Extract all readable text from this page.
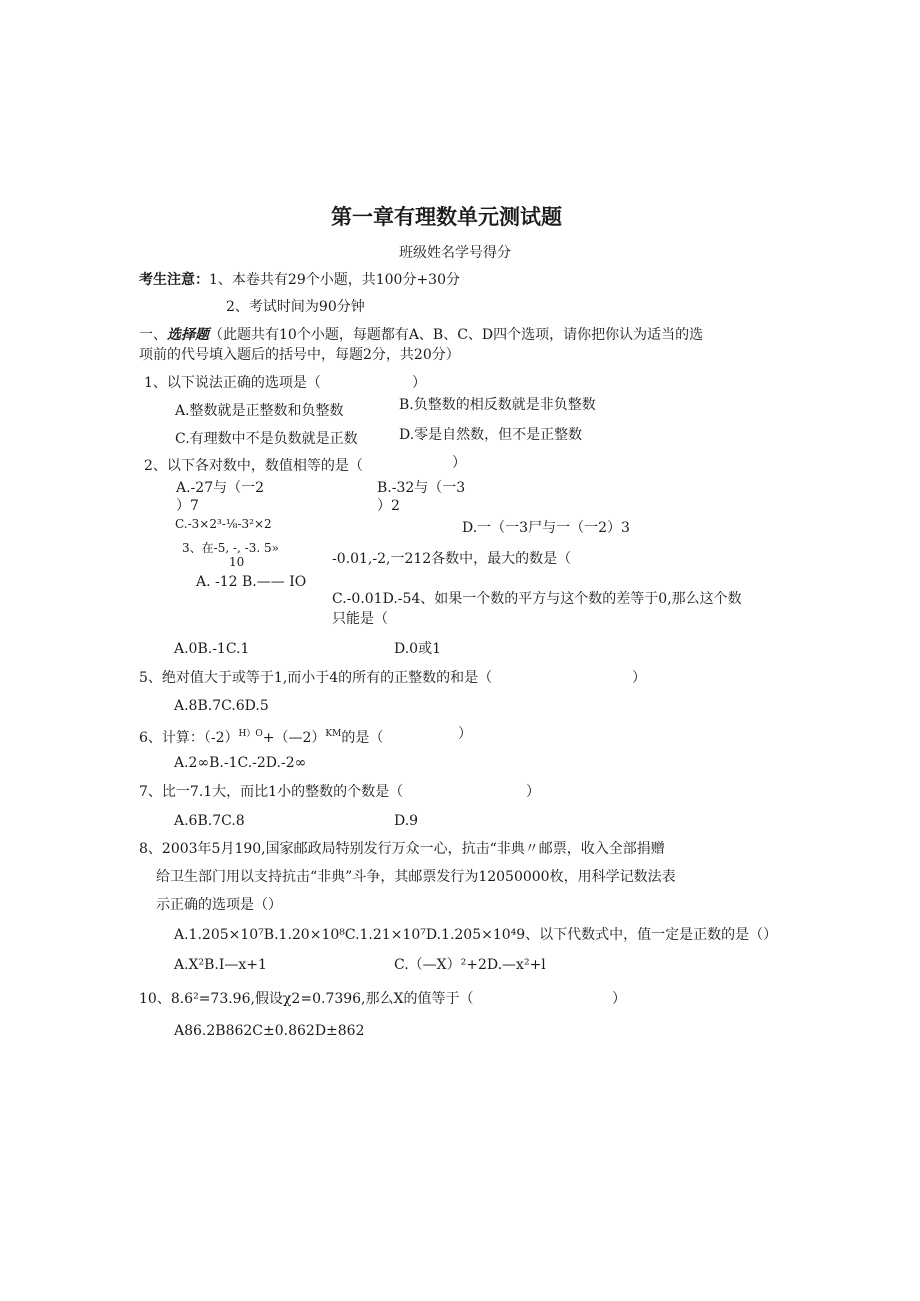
第一章有理数单元测试题
班级姓名学号得分
考生注意：1、本卷共有29个小题，共100分+30分
2、考试时间为90分钟
一、选择题（此题共有10个小题，每题都有A、B、C、D四个选项，请你把你认为适当的选
项前的代号填入题后的括号中，每题2分，共20分）
1、以下说法正确的选项是（	）
A.整数就是正整数和负整数	B.负整数的相反数就是非负整数
C.有理数中不是负数就是正数	D.零是自然数，但不是正整数
2、以下各对数中，数值相等的是（	）
A.-27与（一2
）7
B.-32与（一3
）2
C.-3×2³-⅛-3²×2	D.一（一3尸与一（一2）3
3、在-5, -, -3. 5»
10	-0.01,-2,一212各数中，最大的数是（
A. -12 B.—— IO
C.-0.01D.-54、如果一个数的平方与这个数的差等于0,那么这个数
只能是（
A.0B.-1C.1	D.0或1
5、绝对值大于或等于1,而小于4的所有的正整数的和是（	）
A.8B.7C.6D.5
6、计算：$(-2)^{H)O}+(—2)^{KM}$的是（	）
A.2∞B.-1C.-2D.-2∞
7、比一7.1大，而比1小的整数的个数是（	）
A.6B.7C.8	D.9
8、2003年5月190,国家邮政局特别发行万众一心，抗击“非典〃邮票，收入全部捐赠
给卫生部门用以支持抗击“非典”斗争，其邮票发行为12050000枚，用科学记数法表
示正确的选项是（）
A.1.205×10⁷B.1.20×10⁸C.1.21×10⁷D.1.205×10⁴9、以下代数式中，值一定是正数的是（）
A.X²B.I—x+1	C.（—X）²+2D.—x²+l
10、8.6²=73.96,假设χ2=0.7396,那么X的值等于（	）
A86.2B862C±0.862D±862
